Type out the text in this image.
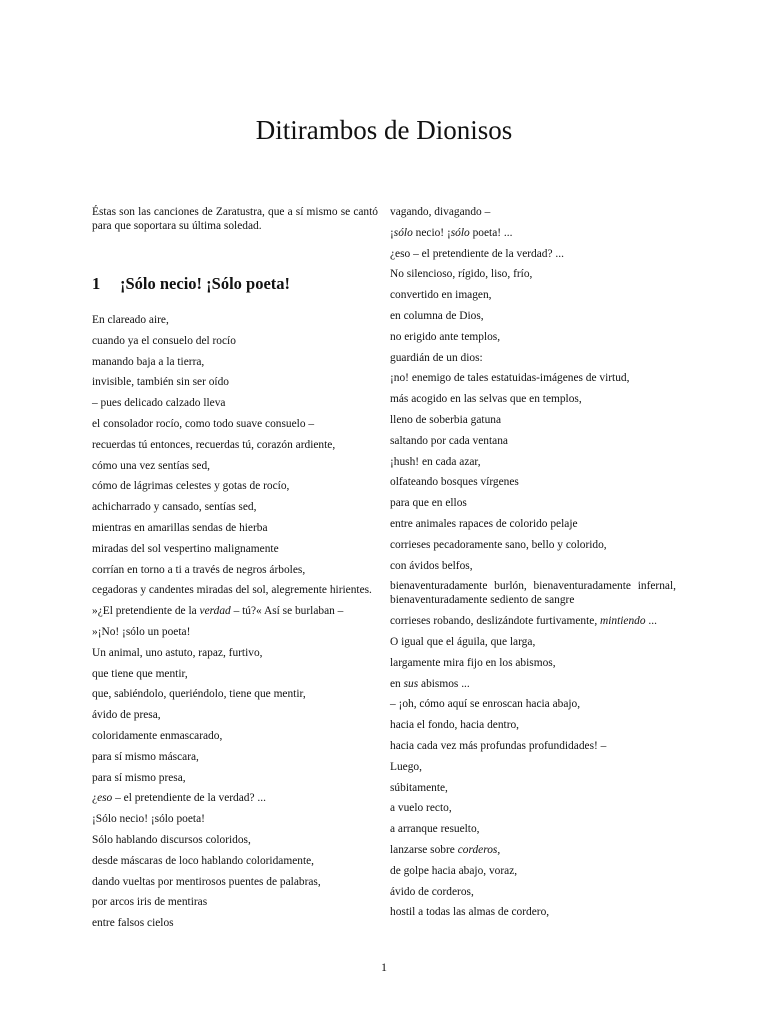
Ditirambos de Dionisos

Éstas son las canciones de Zaratustra, que a sí mismo se cantó para que soportara su última soledad.

En clareado aire,
cuando ya el consuelo del rocío
manando baja a la tierra,
invisible, también sin ser oído
– pues delicado calzado lleva
el consolador rocío, como todo suave consuelo –
recuerdas tú entonces, recuerdas tú, corazón ardiente,
cómo una vez sentías sed,
cómo de lágrimas celestes y gotas de rocío,
achicharrado y cansado, sentías sed,
mientras en amarillas sendas de hierba
miradas del sol vespertino malignamente
corrían en torno a ti a través de negros árboles,
cegadoras y candentes miradas del sol, alegremente hirientes.
»¿El pretendiente de la verdad – tú?« Así se burlaban –
»¡No! ¡sólo un poeta!
Un animal, uno astuto, rapaz, furtivo,
que tiene que mentir,
que, sabiéndolo, queriéndolo, tiene que mentir,
ávido de presa,
coloridamente enmascarado,
para sí mismo máscara,
para sí mismo presa,
¿eso – el pretendiente de la verdad? ...
¡Sólo necio! ¡sólo poeta!
Sólo hablando discursos coloridos,
desde máscaras de loco hablando coloridamente,
dando vueltas por mentirosos puentes de palabras,
por arcos iris de mentiras
entre falsos cielos
1 ¡Sólo necio! ¡Sólo poeta!
vagando, divagando –
¡sólo necio! ¡sólo poeta! ...
¿eso – el pretendiente de la verdad? ...
No silencioso, rígido, liso, frío,
convertido en imagen,
en columna de Dios,
no erigido ante templos,
guardián de un dios:
¡no! enemigo de tales estatuidas-imágenes de virtud,
más acogido en las selvas que en templos,
lleno de soberbia gatuna
saltando por cada ventana
¡hush! en cada azar,
olfateando bosques vírgenes
para que en ellos
entre animales rapaces de colorido pelaje
corrieses pecadoramente sano, bello y colorido,
con ávidos belfos,
bienaventuradamente burlón, bienaventuradamente infernal, bienaventuradamente sediento de sangre
corrieses robando, deslizándote furtivamente, mintiendo ...
O igual que el águila, que larga,
largamente mira fijo en los abismos,
en sus abismos ...
– ¡oh, cómo aquí se enroscan hacia abajo,
hacia el fondo, hacia dentro,
hacia cada vez más profundas profundidades! –
Luego,
súbitamente,
a vuelo recto,
a arranque resuelto,
lanzarse sobre corderos,
de golpe hacia abajo, voraz,
ávido de corderos,
hostil a todas las almas de cordero,
1
